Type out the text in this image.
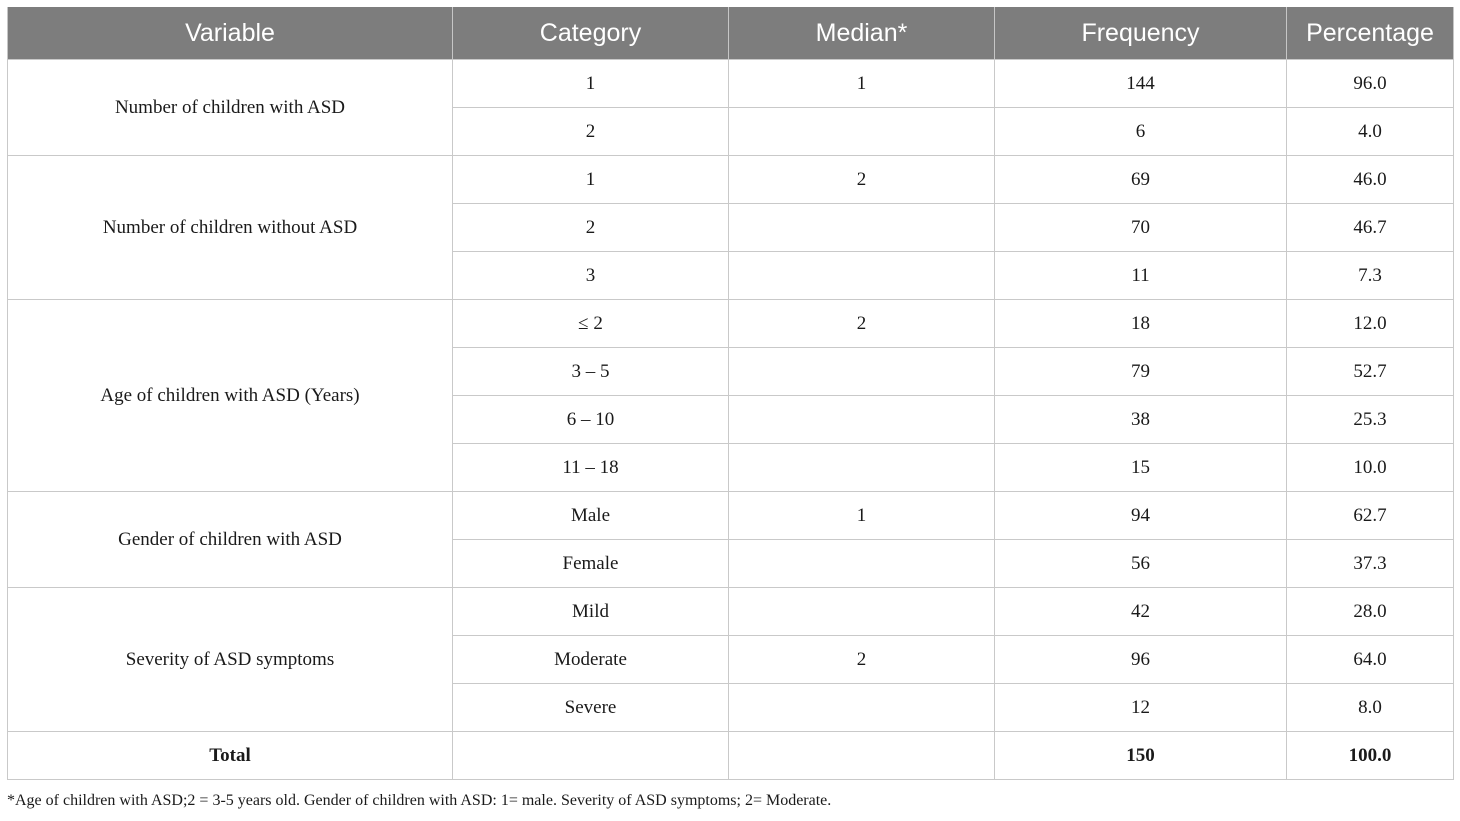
Variable	Category	Median*	Frequency	Percentage
Number of children with ASD	1	1	144	96.0
	2		6	4.0
Number of children without ASD	1	2	69	46.0
	2		70	46.7
	3		11	7.3
Age of children with ASD (Years)	≤ 2	2	18	12.0
	3 – 5		79	52.7
	6 – 10		38	25.3
	11 – 18		15	10.0
Gender of children with ASD	Male	1	94	62.7
	Female		56	37.3
Severity of ASD symptoms	Mild		42	28.0
	Moderate	2	96	64.0
	Severe		12	8.0
Total			150	100.0
*Age of children with ASD;2 = 3-5 years old. Gender of children with ASD: 1= male. Severity of ASD symptoms; 2= Moderate.
